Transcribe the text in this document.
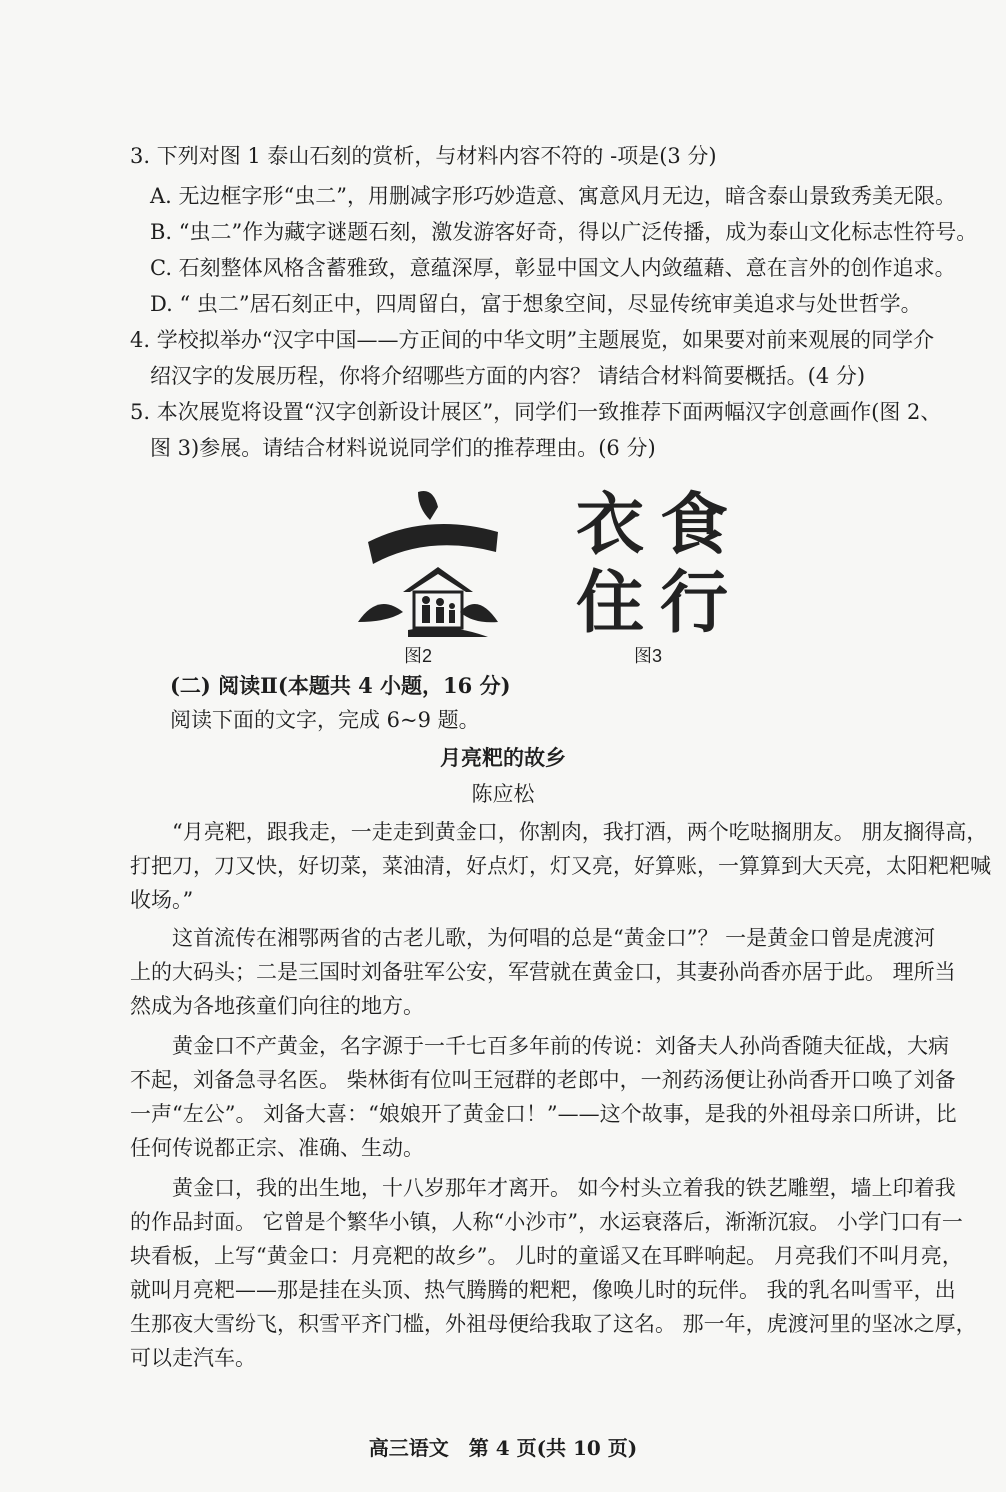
3. 下列对图 1 泰山石刻的赏析，与材料内容不符的 -项是(3 分)
A. 无边框字形“虫二”，用删减字形巧妙造意、寓意风月无边，暗含泰山景致秀美无限。
B. “虫二”作为藏字谜题石刻，激发游客好奇，得以广泛传播，成为泰山文化标志性符号。
C. 石刻整体风格含蓄雅致，意蕴深厚，彰显中国文人内敛蕴藉、意在言外的创作追求。
D. “ 虫二”居石刻正中，四周留白，富于想象空间，尽显传统审美追求与处世哲学。
4. 学校拟举办“汉字中国——方正间的中华文明”主题展览，如果要对前来观展的同学介
绍汉字的发展历程，你将介绍哪些方面的内容？ 请结合材料简要概括。(4 分)
5. 本次展览将设置“汉字创新设计展区”，同学们一致推荐下面两幅汉字创意画作(图 2、
图 3)参展。请结合材料说说同学们的推荐理由。(6 分)
图2
衣 食
住 行
图3
(二) 阅读Ⅱ(本题共 4 小题，16 分)
阅读下面的文字，完成 6~9 题。
月亮粑的故乡
陈应松
“月亮粑，跟我走，一走走到黄金口，你割肉，我打酒，两个吃哒搁朋友。 朋友搁得高，
打把刀，刀又快，好切菜，菜油清，好点灯，灯又亮，好算账，一算算到大天亮，太阳粑粑喊
收场。”
这首流传在湘鄂两省的古老儿歌，为何唱的总是“黄金口”？ 一是黄金口曾是虎渡河
上的大码头；二是三国时刘备驻军公安，军营就在黄金口，其妻孙尚香亦居于此。 理所当
然成为各地孩童们向往的地方。
黄金口不产黄金，名字源于一千七百多年前的传说：刘备夫人孙尚香随夫征战，大病
不起，刘备急寻名医。 柴林街有位叫王冠群的老郎中，一剂药汤便让孙尚香开口唤了刘备
一声“左公”。 刘备大喜：“娘娘开了黄金口！”——这个故事，是我的外祖母亲口所讲，比
任何传说都正宗、准确、生动。
黄金口，我的出生地，十八岁那年才离开。 如今村头立着我的铁艺雕塑，墙上印着我
的作品封面。 它曾是个繁华小镇，人称“小沙市”，水运衰落后，渐渐沉寂。 小学门口有一
块看板，上写“黄金口：月亮粑的故乡”。 儿时的童谣又在耳畔响起。 月亮我们不叫月亮，
就叫月亮粑——那是挂在头顶、热气腾腾的粑粑，像唤儿时的玩伴。 我的乳名叫雪平，出
生那夜大雪纷飞，积雪平齐门槛，外祖母便给我取了这名。 那一年，虎渡河里的坚冰之厚，
可以走汽车。
高三语文　第 4 页(共 10 页)
